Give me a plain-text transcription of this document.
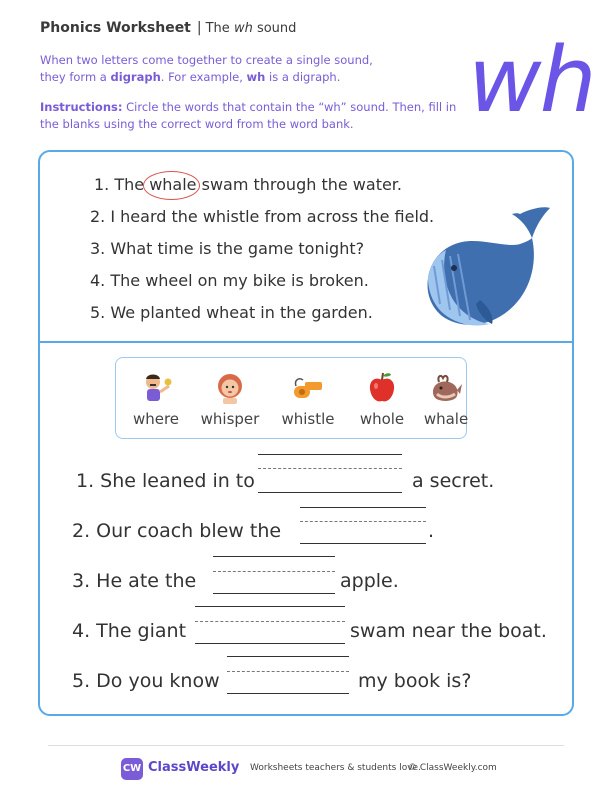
Phonics Worksheet | The wh sound wh
When two letters come together to create a single sound,
they form a digraph. For example, wh is a digraph.
Instructions: Circle the words that contain the “wh” sound. Then, fill in the blanks using the correct word from the word bank.
1. The whale swam through the water.
2. I heard the whistle from across the field.
3. What time is the game tonight?
4. The wheel on my bike is broken.
5. We planted wheat in the garden.
where	whisper	whistle	whole	whale
1. She leaned in to	a secret.
2. Our coach blew the	.
3. He ate the	apple.
4. The giant	swam near the boat.
5. Do you know	my book is?
CW ClassWeekly Worksheets teachers & students love.
© ClassWeekly.com
